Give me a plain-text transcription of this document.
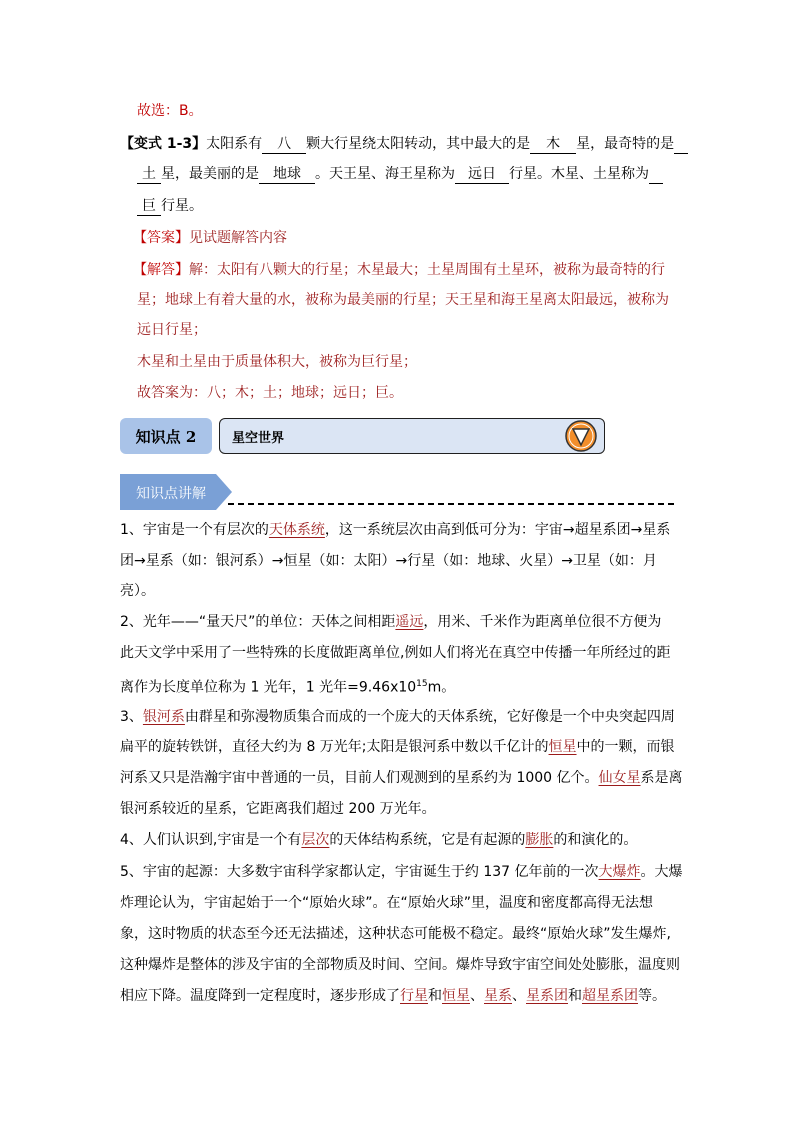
故选：B。
【变式 1-3】太阳系有 八 颗大行星绕太阳转动，其中最大的是 木 星，最奇特的是
土 星，最美丽的是 地球 。天王星、海王星称为 远日 行星。木星、土星称为
巨 行星。
【答案】见试题解答内容
【解答】解：太阳有八颗大的行星；木星最大；土星周围有土星环，被称为最奇特的行
星；地球上有着大量的水，被称为最美丽的行星；天王星和海王星离太阳最远，被称为
远日行星；
木星和土星由于质量体积大，被称为巨行星；
故答案为：八；木；土；地球；远日；巨。
知识点 2	星空世界
知识点讲解
1、宇宙是一个有层次的天体系统，这一系统层次由高到低可分为：宇宙→超星系团→星系
团→星系（如：银河系）→恒星（如：太阳）→行星（如：地球、火星）→卫星（如：月
亮）。
2、光年——“量天尺”的单位：天体之间相距遥远，用米、千米作为距离单位很不方便为
此天文学中采用了一些特殊的长度做距离单位,例如人们将光在真空中传播一年所经过的距
离作为长度单位称为 1 光年，1 光年$=9.46x10^{15}m$。
3、银河系由群星和弥漫物质集合而成的一个庞大的天体系统，它好像是一个中央突起四周
扁平的旋转铁饼，直径大约为 8 万光年;太阳是银河系中数以千亿计的恒星中的一颗，而银
河系又只是浩瀚宇宙中普通的一员，目前人们观测到的星系约为 1000 亿个。仙女星系是离
银河系较近的星系，它距离我们超过 200 万光年。
4、人们认识到,宇宙是一个有层次的天体结构系统，它是有起源的膨胀的和演化的。
5、宇宙的起源：大多数宇宙科学家都认定，宇宙诞生于约 137 亿年前的一次大爆炸。大爆
炸理论认为，宇宙起始于一个“原始火球”。在“原始火球”里，温度和密度都高得无法想
象，这时物质的状态至今还无法描述，这种状态可能极不稳定。最终“原始火球”发生爆炸,
这种爆炸是整体的涉及宇宙的全部物质及时间、空间。爆炸导致宇宙空间处处膨胀，温度则
相应下降。温度降到一定程度时，逐步形成了行星和恒星、星系、星系团和超星系团等。
